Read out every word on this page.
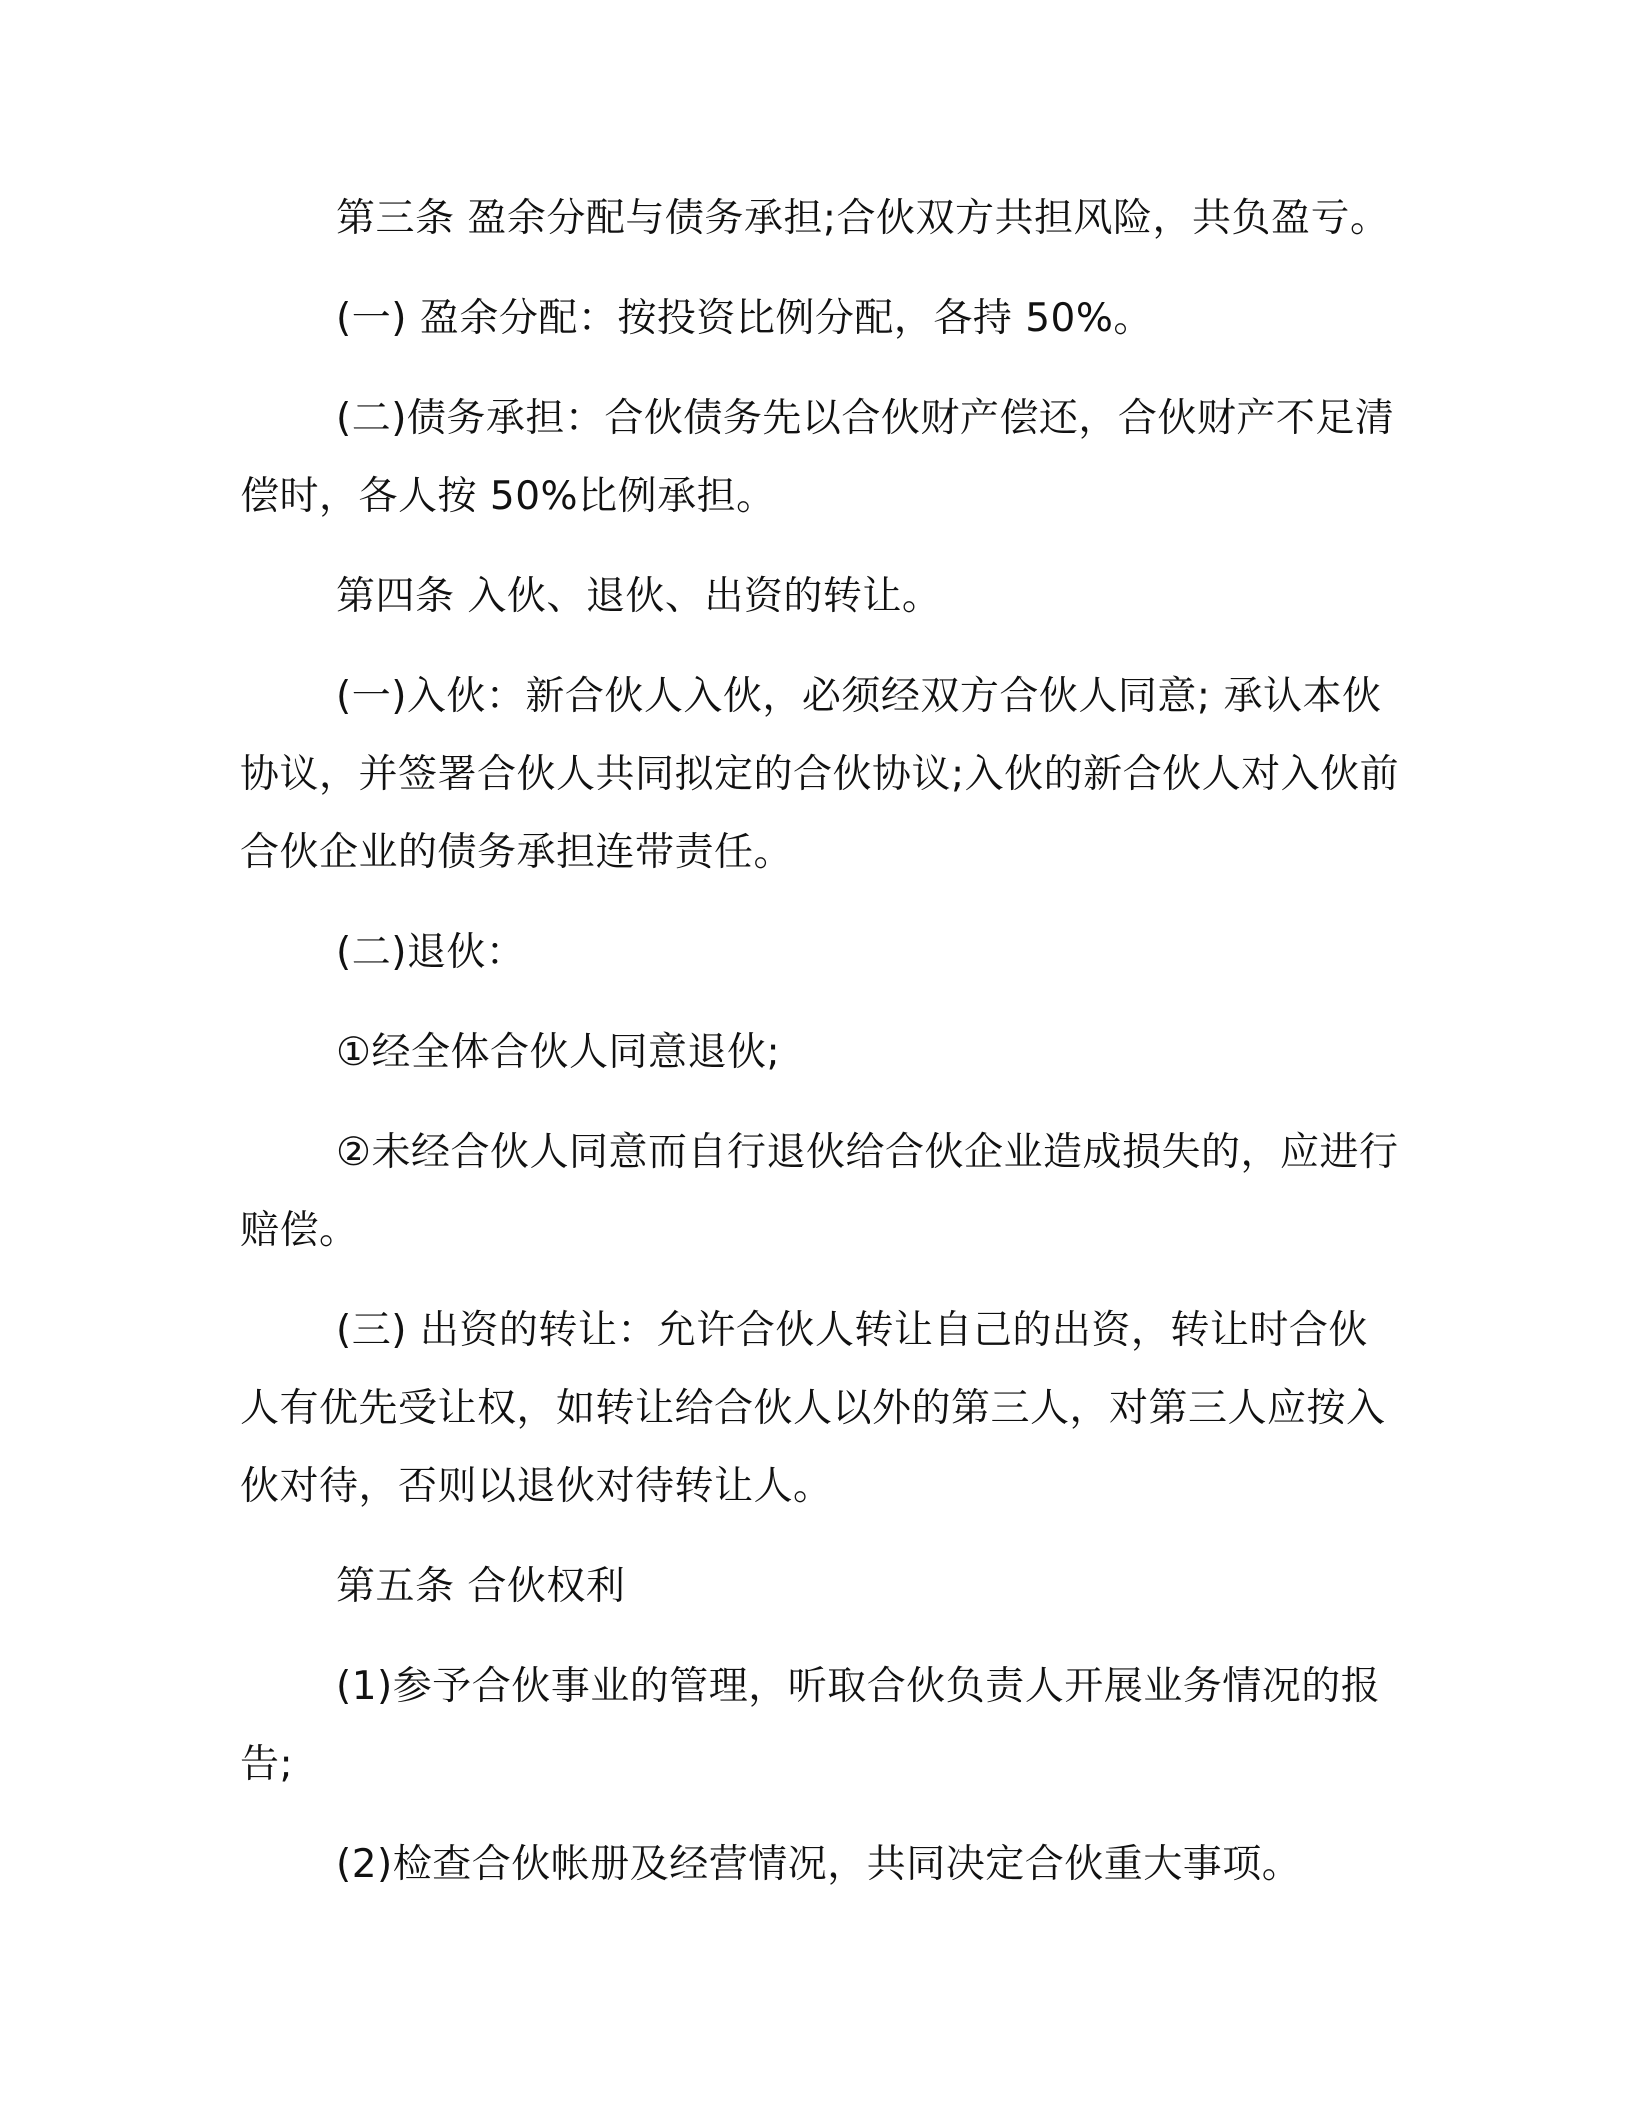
第三条 盈余分配与债务承担;合伙双方共担风险，共负盈亏。

(一) 盈余分配：按投资比例分配，各持 50%。

(二)债务承担：合伙债务先以合伙财产偿还，合伙财产不足清偿时，各人按 50%比例承担。

第四条 入伙、退伙、出资的转让。

(一)入伙：新合伙人入伙，必须经双方合伙人同意; 承认本伙协议，并签署合伙人共同拟定的合伙协议;入伙的新合伙人对入伙前合伙企业的债务承担连带责任。

(二)退伙：

①经全体合伙人同意退伙;

②未经合伙人同意而自行退伙给合伙企业造成损失的，应进行赔偿。

(三) 出资的转让：允许合伙人转让自己的出资，转让时合伙人有优先受让权，如转让给合伙人以外的第三人，对第三人应按入伙对待，否则以退伙对待转让人。

第五条 合伙权利

(1)参予合伙事业的管理，听取合伙负责人开展业务情况的报告;

(2)检查合伙帐册及经营情况，共同决定合伙重大事项。
